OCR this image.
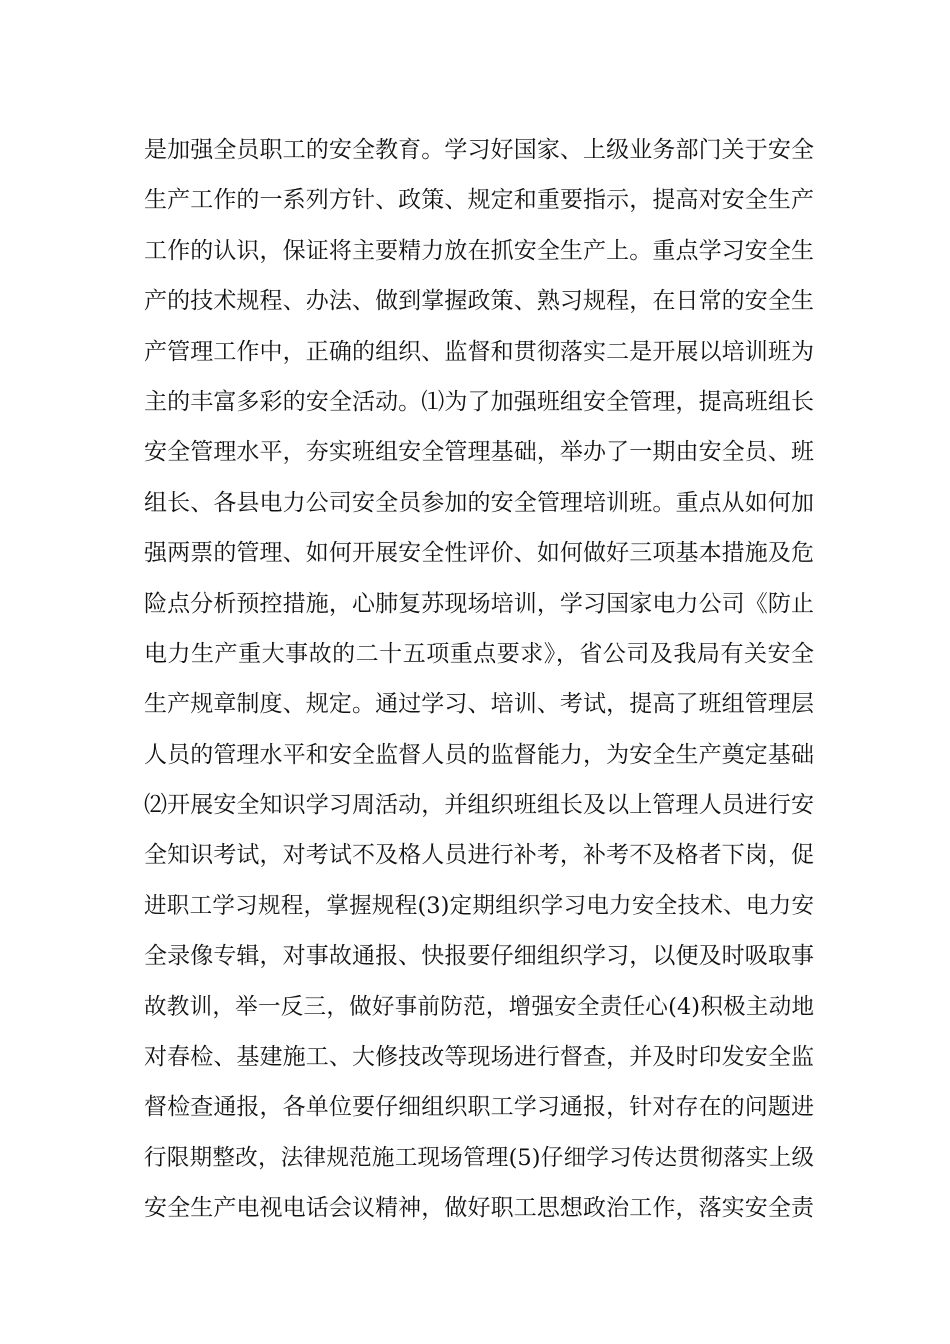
是加强全员职工的安全教育。学习好国家、上级业务部门关于安全
生产工作的一系列方针、政策、规定和重要指示，提高对安全生产
工作的认识，保证将主要精力放在抓安全生产上。重点学习安全生
产的技术规程、办法、做到掌握政策、熟习规程，在日常的安全生
产管理工作中，正确的组织、监督和贯彻落实二是开展以培训班为
主的丰富多彩的安全活动。⑴为了加强班组安全管理，提高班组长
安全管理水平，夯实班组安全管理基础，举办了一期由安全员、班
组长、各县电力公司安全员参加的安全管理培训班。重点从如何加
强两票的管理、如何开展安全性评价、如何做好三项基本措施及危
险点分析预控措施，心肺复苏现场培训，学习国家电力公司《防止
电力生产重大事故的二十五项重点要求》，省公司及我局有关安全
生产规章制度、规定。通过学习、培训、考试，提高了班组管理层
人员的管理水平和安全监督人员的监督能力，为安全生产奠定基础
⑵开展安全知识学习周活动，并组织班组长及以上管理人员进行安
全知识考试，对考试不及格人员进行补考，补考不及格者下岗，促
进职工学习规程，掌握规程(3)定期组织学习电力安全技术、电力安
全录像专辑，对事故通报、快报要仔细组织学习，以便及时吸取事
故教训，举一反三，做好事前防范，增强安全责任心(4)积极主动地
对春检、基建施工、大修技改等现场进行督查，并及时印发安全监
督检查通报，各单位要仔细组织职工学习通报，针对存在的问题进
行限期整改，法律规范施工现场管理(5)仔细学习传达贯彻落实上级
安全生产电视电话会议精神，做好职工思想政治工作，落实安全责
